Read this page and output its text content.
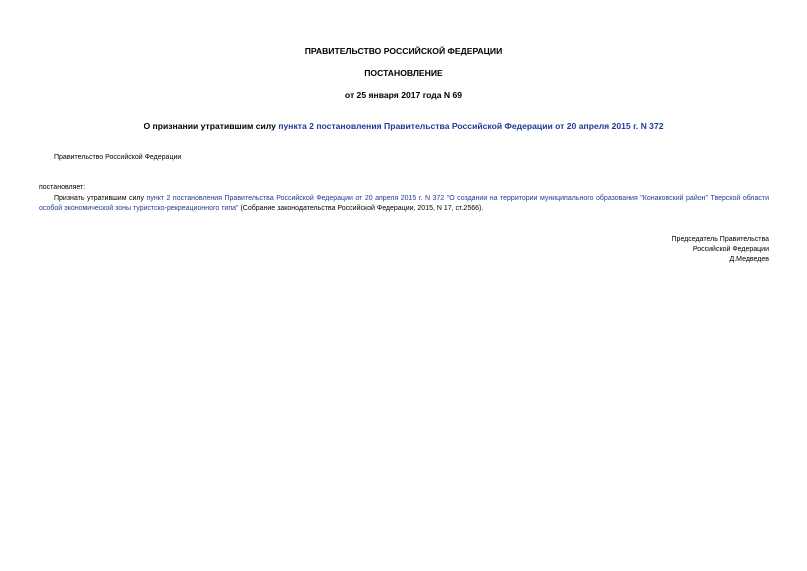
ПРАВИТЕЛЬСТВО РОССИЙСКОЙ ФЕДЕРАЦИИ
ПОСТАНОВЛЕНИЕ
от 25 января 2017 года N 69
О признании утратившим силу пункта 2 постановления Правительства Российской Федерации от 20 апреля 2015 г. N 372
Правительство Российской Федерации
постановляет:
Признать утратившим силу пункт 2 постановления Правительства Российской Федерации от 20 апреля 2015 г. N 372 "О создании на территории муниципального образования "Конаковский район" Тверской области особой экономической зоны туристско-рекреационного типа" (Собрание законодательства Российской Федерации, 2015, N 17, ст.2566).
Председатель Правительства
Российской Федерации
Д.Медведев
